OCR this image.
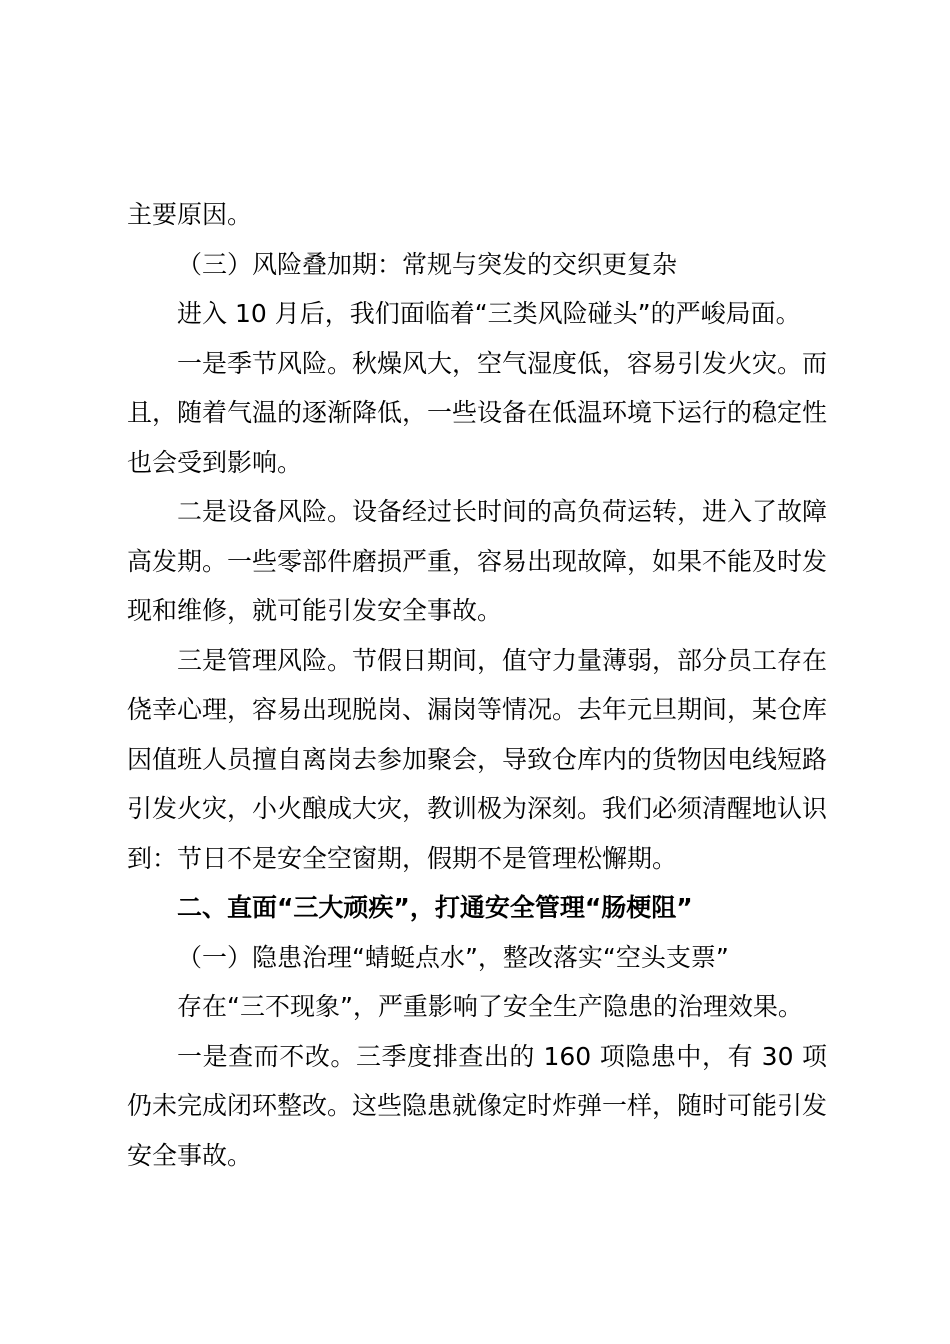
主要原因。

（三）风险叠加期：常规与突发的交织更复杂

进入 10 月后，我们面临着“三类风险碰头”的严峻局面。

一是季节风险。秋燥风大，空气湿度低，容易引发火灾。而且，随着气温的逐渐降低，一些设备在低温环境下运行的稳定性也会受到影响。

二是设备风险。设备经过长时间的高负荷运转，进入了故障高发期。一些零部件磨损严重，容易出现故障，如果不能及时发现和维修，就可能引发安全事故。

三是管理风险。节假日期间，值守力量薄弱，部分员工存在侥幸心理，容易出现脱岗、漏岗等情况。去年元旦期间，某仓库因值班人员擅自离岗去参加聚会，导致仓库内的货物因电线短路引发火灾，小火酿成大灾，教训极为深刻。我们必须清醒地认识到：节日不是安全空窗期，假期不是管理松懈期。

二、直面“三大顽疾”，打通安全管理“肠梗阻”

（一）隐患治理“蜻蜓点水”，整改落实“空头支票”

存在“三不现象”，严重影响了安全生产隐患的治理效果。

一是查而不改。三季度排查出的 160 项隐患中，有 30 项仍未完成闭环整改。这些隐患就像定时炸弹一样，随时可能引发安全事故。
